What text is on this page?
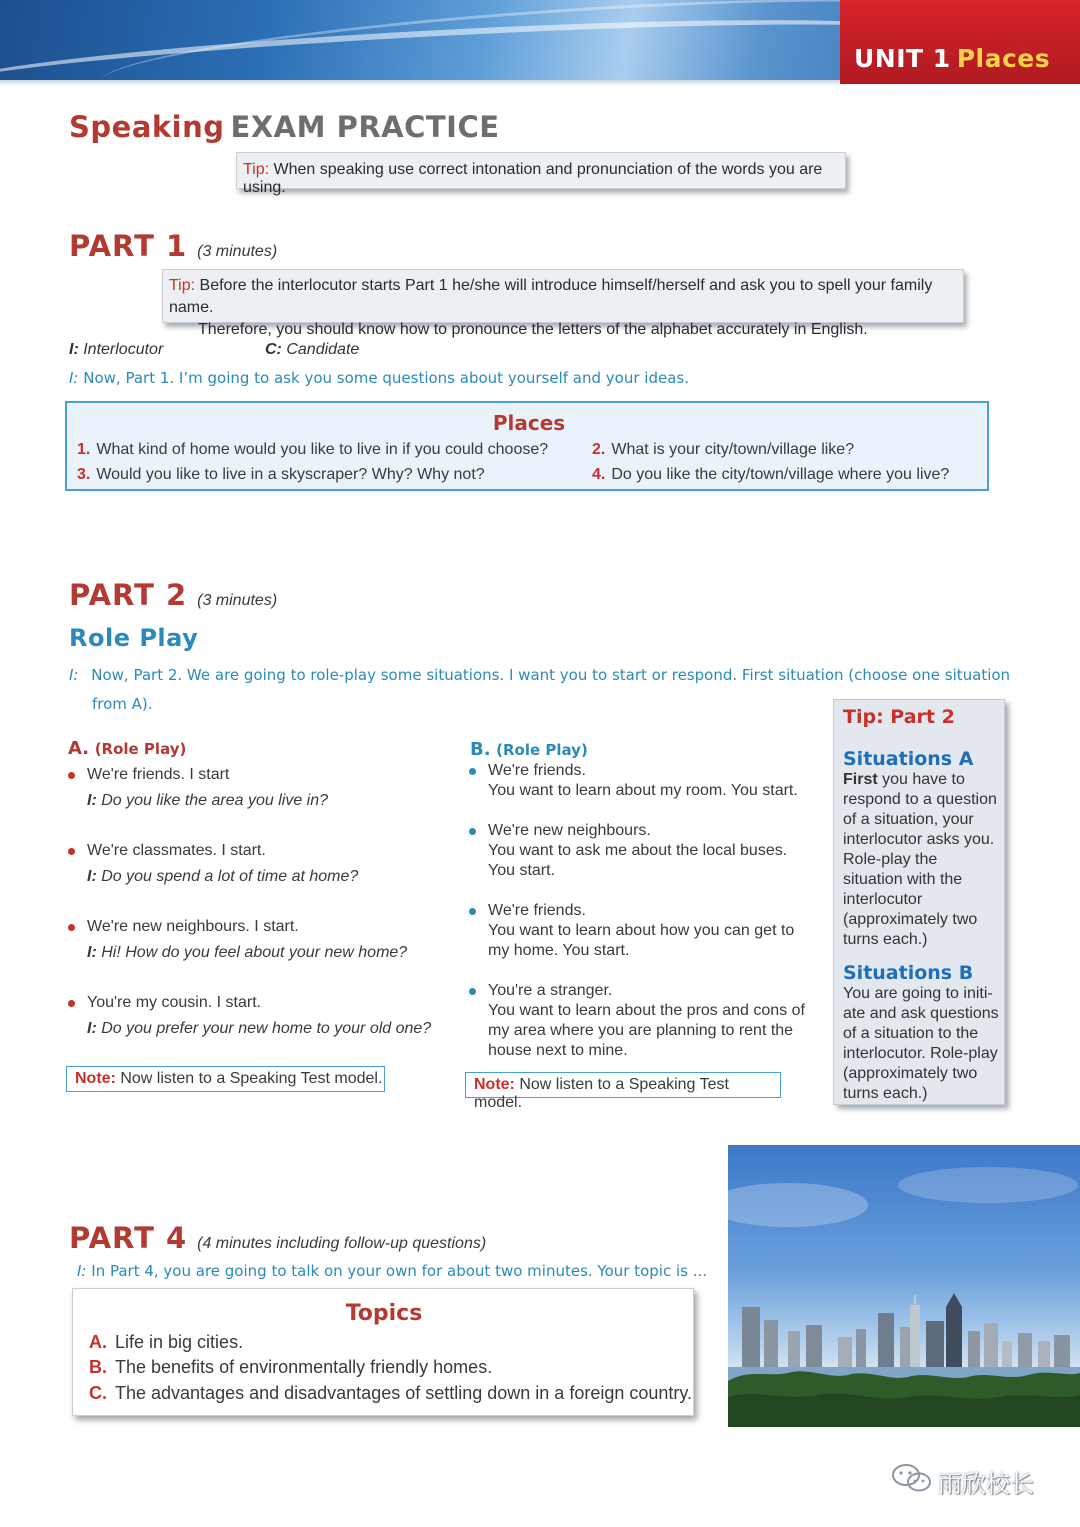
UNIT 1 Places
Speaking EXAM PRACTICE
Tip: When speaking use correct intonation and pronunciation of the words you are using.
PART 1 (3 minutes)
Tip: Before the interlocutor starts Part 1 he/she will introduce himself/herself and ask you to spell your family name.
Therefore, you should know how to pronounce the letters of the alphabet accurately in English.
I: Interlocutor	C: Candidate
I: Now, Part 1. I’m going to ask you some questions about yourself and your ideas.
Places
1. What kind of home would you like to live in if you could choose?	2. What is your city/town/village like?
3. Would you like to live in a skyscraper? Why? Why not?	4. Do you like the city/town/village where you live?
PART 2 (3 minutes)
Role Play
I: Now, Part 2. We are going to role-play some situations. I want you to start or respond. First situation (choose one situation
from A).
A. (Role Play)
We're friends. I start
I: Do you like the area you live in?
We're classmates. I start.
I: Do you spend a lot of time at home?
We're new neighbours. I start.
I: Hi! How do you feel about your new home?
You're my cousin. I start.
I: Do you prefer your new home to your old one?
Note: Now listen to a Speaking Test model.
B. (Role Play)
We're friends.
You want to learn about my room. You start.
We're new neighbours.
You want to ask me about the local buses.
You start.
We're friends.
You want to learn about how you can get to
my home. You start.
You're a stranger.
You want to learn about the pros and cons of
my area where you are planning to rent the
house next to mine.
Note: Now listen to a Speaking Test model.
Tip: Part 2
Situations A
First you have to respond to a question of a situation, your interlocutor asks you. Role-play the situation with the interlocutor (approximately two turns each.)
Situations B
You are going to initi-ate and ask questions of a situation to the interlocutor. Role-play (approximately two turns each.)
PART 4 (4 minutes including follow-up questions)
I: In Part 4, you are going to talk on your own for about two minutes. Your topic is ...
Topics
A. Life in big cities.
B. The benefits of environmentally friendly homes.
C. The advantages and disadvantages of settling down in a foreign country.
雨欣校长
